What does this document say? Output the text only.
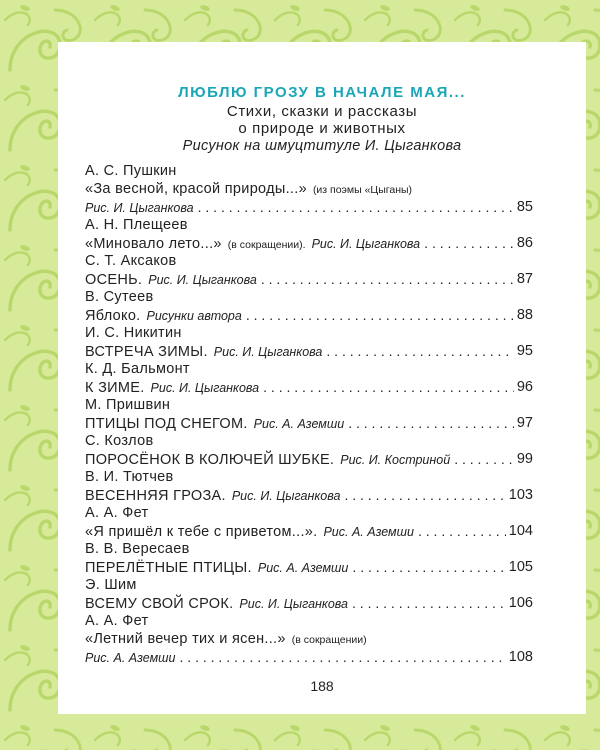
ЛЮБЛЮ ГРОЗУ В НАЧАЛЕ МАЯ...
Стихи, сказки и рассказы
о природе и животных
Рисунок на шмуцтитуле И. Цыганкова
А. С. Пушкин
«За весной, красой природы...» (из поэмы «Цыганы)
Рис. И. Цыганкова	85
. . .
А. Н. Плещеев
«Миновало лето...» (в сокращении). Рис. И. Цыганкова	86
. . .
С. Т. Аксаков
ОСЕНЬ. Рис. И. Цыганкова	87
. . .
В. Сутеев
Яблоко. Рисунки автора	88
. . .
И. С. Никитин
ВСТРЕЧА ЗИМЫ. Рис. И. Цыганкова	95
. . .
К. Д. Бальмонт
К ЗИМЕ. Рис. И. Цыганкова	96
. . .
М. Пришвин
ПТИЦЫ ПОД СНЕГОМ. Рис. А. Аземши	97
. . .
С. Козлов
ПОРОСЁНОК В КОЛЮЧЕЙ ШУБКЕ. Рис. И. Костриной	99
. . .
В. И. Тютчев
ВЕСЕННЯЯ ГРОЗА. Рис. И. Цыганкова	103
. . .
А. А. Фет
«Я пришёл к тебе с приветом...». Рис. А. Аземши	104
. . .
В. В. Вересаев
ПЕРЕЛЁТНЫЕ ПТИЦЫ. Рис. А. Аземши	105
. . .
Э. Шим
ВСЕМУ СВОЙ СРОК. Рис. И. Цыганкова	106
. . .
А. А. Фет
«Летний вечер тих и ясен...» (в сокращении)
Рис. А. Аземши	108
. . .
188
